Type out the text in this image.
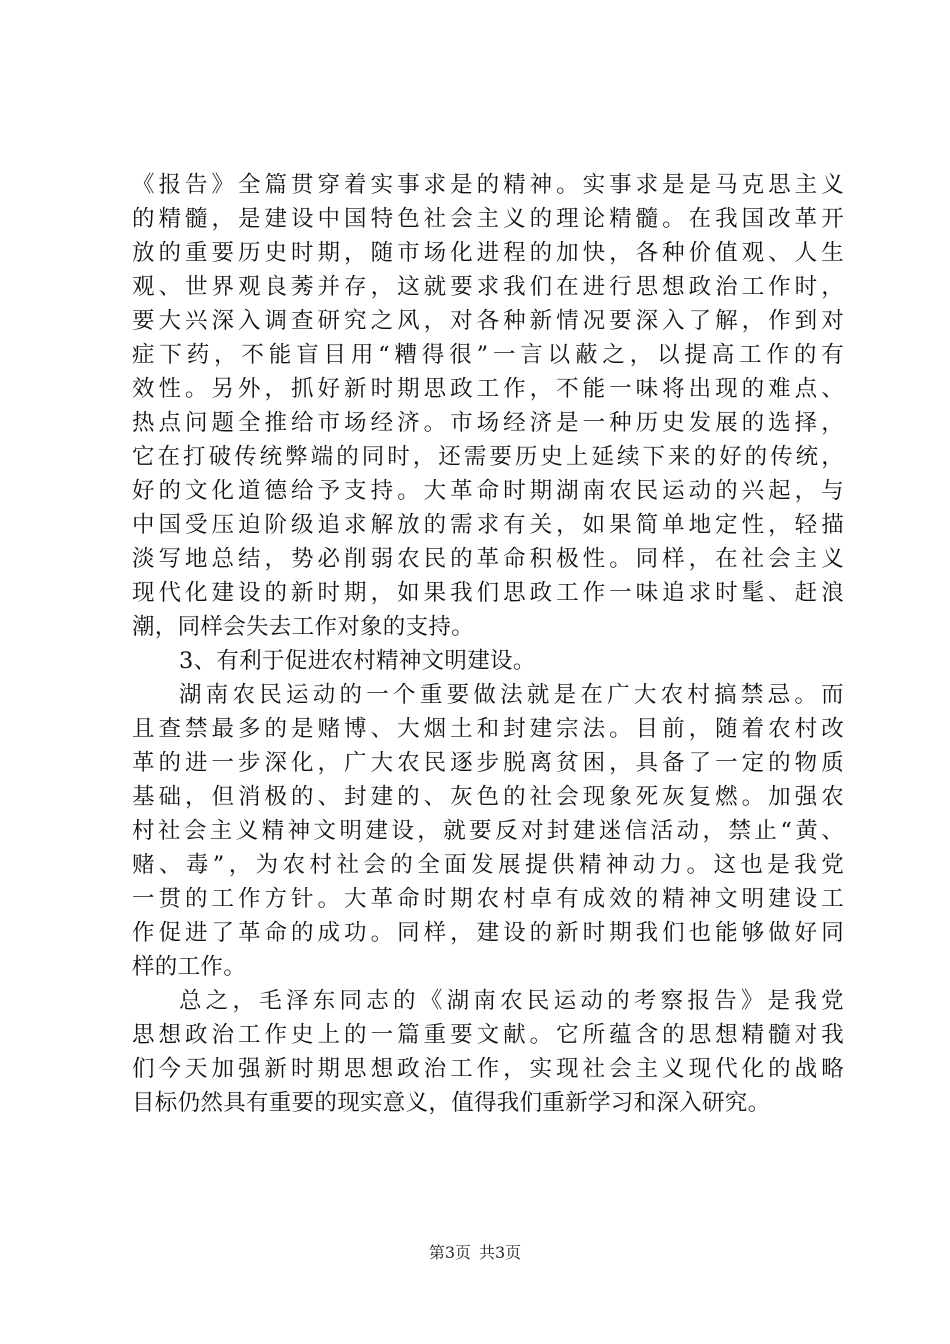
《报告》全篇贯穿着实事求是的精神。实事求是是马克思主义
的精髓，是建设中国特色社会主义的理论精髓。在我国改革开
放的重要历史时期，随市场化进程的加快，各种价值观、人生
观、世界观良莠并存，这就要求我们在进行思想政治工作时，
要大兴深入调查研究之风，对各种新情况要深入了解，作到对
症下药，不能盲目用“糟得很”一言以蔽之，以提高工作的有
效性。另外，抓好新时期思政工作，不能一味将出现的难点、
热点问题全推给市场经济。市场经济是一种历史发展的选择，
它在打破传统弊端的同时，还需要历史上延续下来的好的传统，
好的文化道德给予支持。大革命时期湖南农民运动的兴起，与
中国受压迫阶级追求解放的需求有关，如果简单地定性，轻描
淡写地总结，势必削弱农民的革命积极性。同样，在社会主义
现代化建设的新时期，如果我们思政工作一味追求时髦、赶浪
潮，同样会失去工作对象的支持。
3、有利于促进农村精神文明建设。
湖南农民运动的一个重要做法就是在广大农村搞禁忌。而
且查禁最多的是赌博、大烟土和封建宗法。目前，随着农村改
革的进一步深化，广大农民逐步脱离贫困，具备了一定的物质
基础，但消极的、封建的、灰色的社会现象死灰复燃。加强农
村社会主义精神文明建设，就要反对封建迷信活动，禁止“黄、
赌、毒”，为农村社会的全面发展提供精神动力。这也是我党
一贯的工作方针。大革命时期农村卓有成效的精神文明建设工
作促进了革命的成功。同样，建设的新时期我们也能够做好同
样的工作。
总之，毛泽东同志的《湖南农民运动的考察报告》是我党
思想政治工作史上的一篇重要文献。它所蕴含的思想精髓对我
们今天加强新时期思想政治工作，实现社会主义现代化的战略
目标仍然具有重要的现实意义，值得我们重新学习和深入研究。
第3页 共3页
